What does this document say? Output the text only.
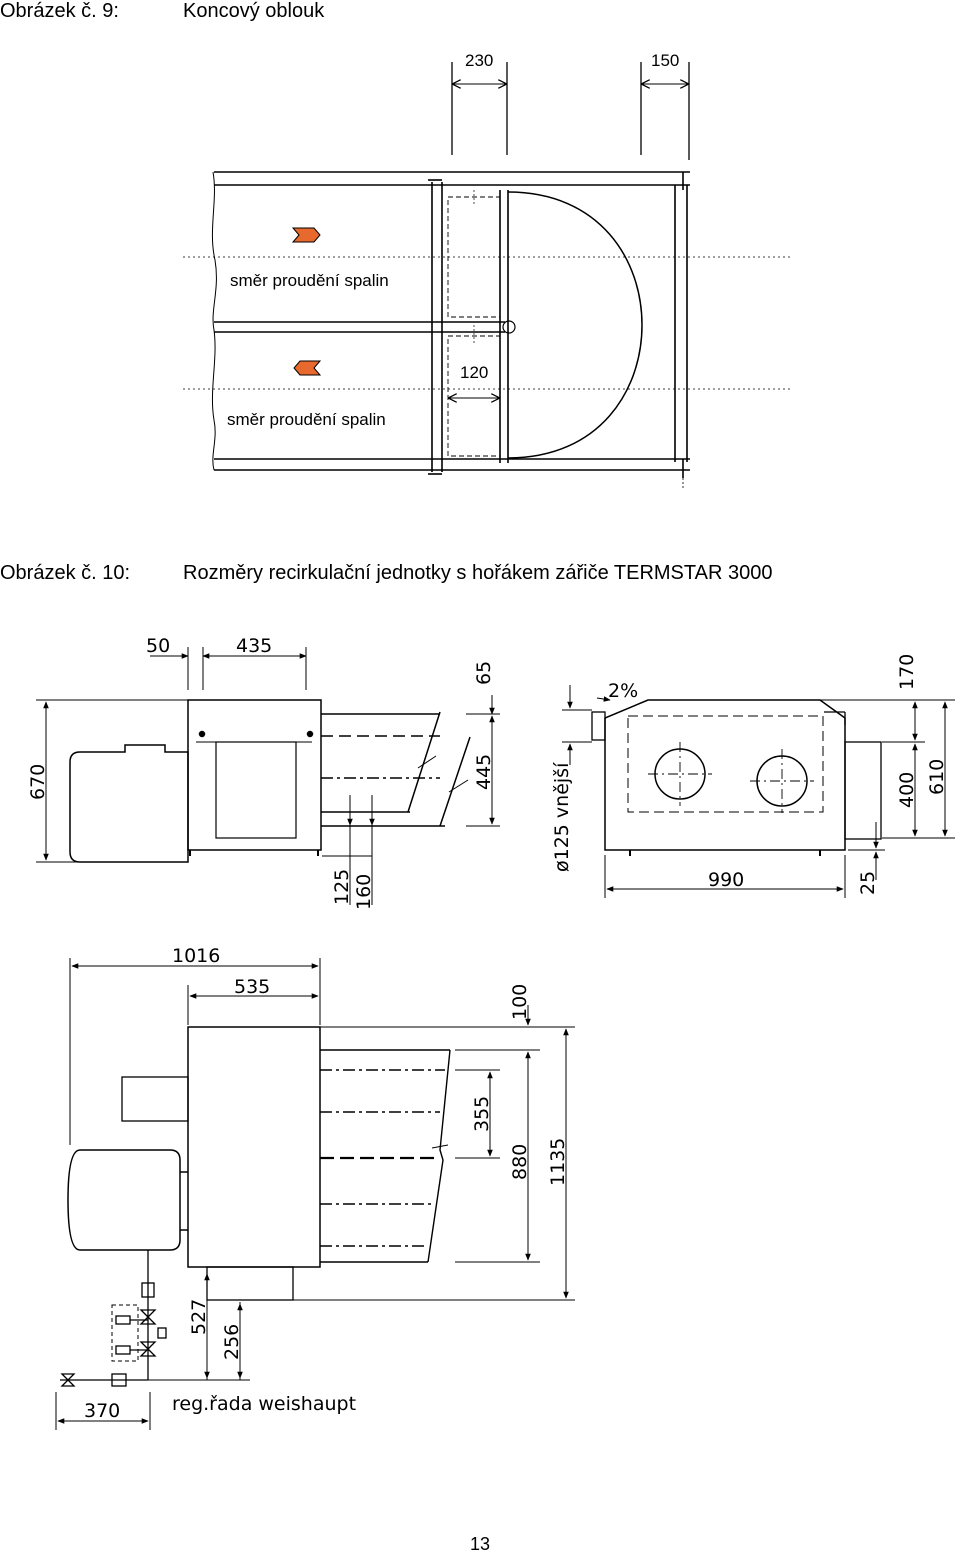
Obrázek č. 9:	Koncový oblouk
Obrázek č. 10:	Rozměry recirkulační jednotky s hořákem zářiče TERMSTAR 3000
230	150
120
směr proudění spalin
směr proudění spalin
50	435
670
65
445
125 160
2%
ø125 vnější
170
400 610
990	25
1016
535
355
100
880 1135
527
256
370	reg.řada weishaupt
13
